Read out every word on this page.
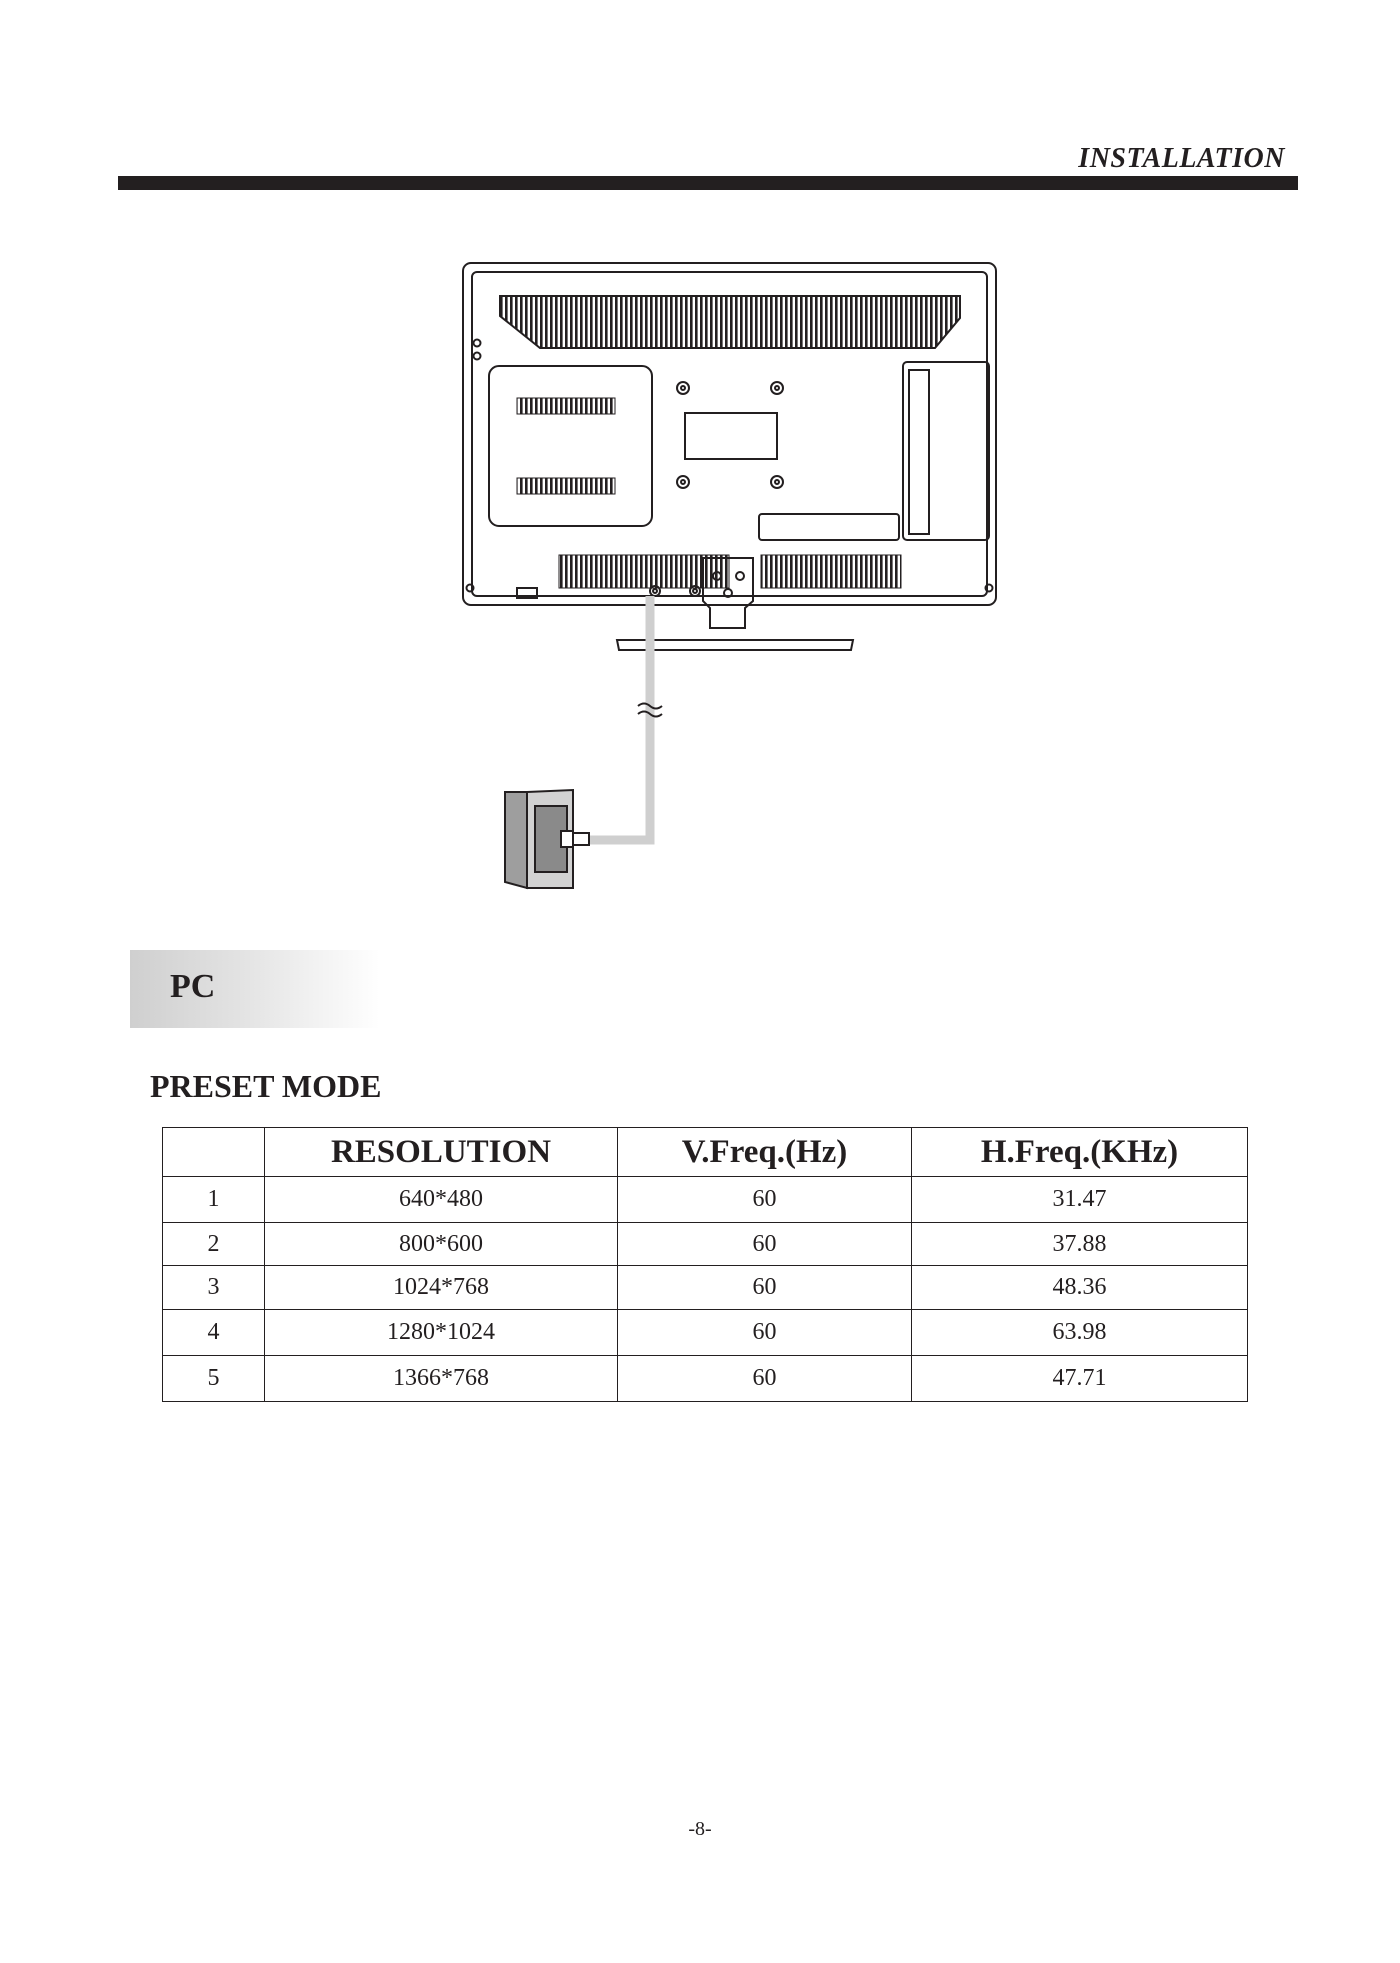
INSTALLATION
PC
PRESET MODE
	RESOLUTION	V.Freq.(Hz)	H.Freq.(KHz)
1	640*480	60	31.47
2	800*600	60	37.88
3	1024*768	60	48.36
4	1280*1024	60	63.98
5	1366*768	60	47.71
-8-
